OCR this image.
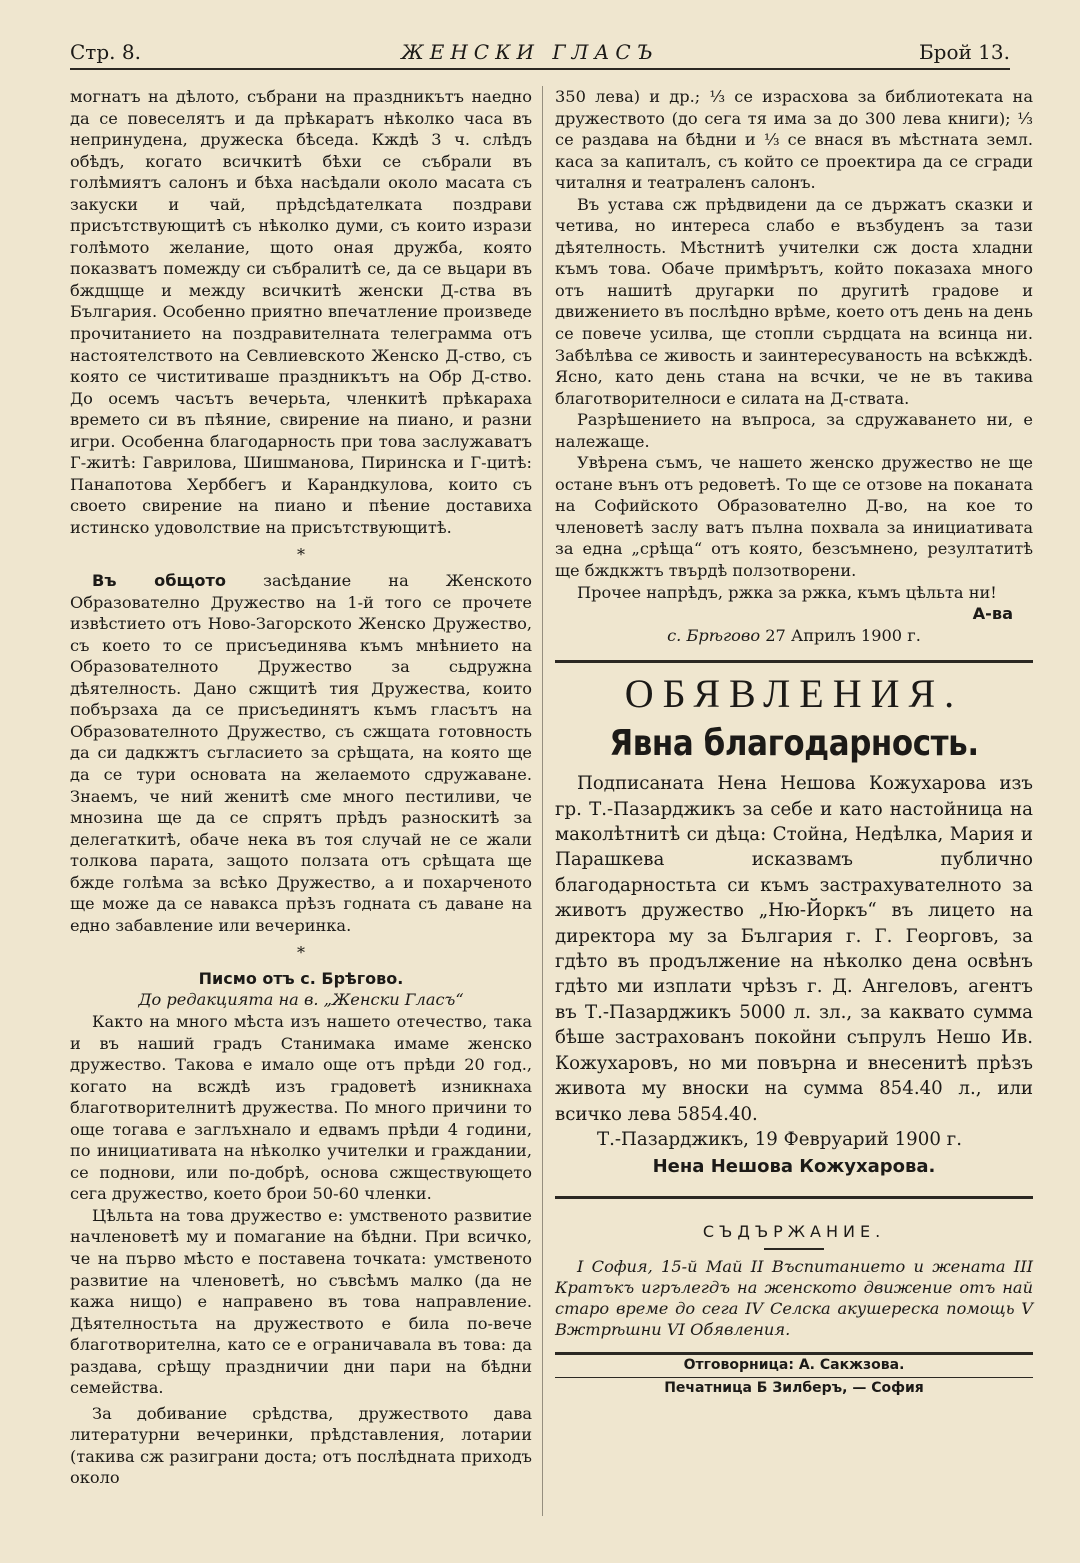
Стр. 8.	ЖЕНСКИ ГЛАСЪ	Брой 13.

могнатъ на дѣлото, събрани на праздникътъ наедно да се повеселятъ и да прѣкаратъ нѣколко часа въ непринудена, дружеска бѣседа. Кждѣ 3 ч. слѣдъ обѣдъ, когато всичкитѣ бѣхи се събрали въ голѣмиятъ салонъ и бѣха насѣдали около масата съ закуски и чай, прѣдсѣдателката поздрави присътствующитѣ съ нѣколко думи, съ които изрази голѣмото желание, щото оная дружба, която показватъ помежду си събралитѣ се, да се вьцари въ бждщще и между всичкитѣ женски Д-ства въ България. Особенно приятно впечатление произведе прочитанието на поздравителната телеграмма отъ настоятелството на Севлиевското Женско Д-ство, съ която се чиститиваше праздникътъ на Обр Д-ство. До осемъ часътъ вечерьта, членкитѣ прѣкараха времето си въ пѣяние, свирение на пиано, и разни игри. Особенна благодарность при това заслужаватъ Г-житѣ: Гаврилова, Шишманова, Пиринска и Г-цитѣ: Панапотова Херббегъ и Карандкулова, които съ своето свирение на пиано и пѣение доставиха истинско удоволствие на присътствующитѣ.

*

Въ общото засѣдание на Женското Образователно Дружество на 1-й того се прочете извѣстието отъ Ново-Загорското Женско Дружество, съ което то се присъединява къмъ мнѣнието на Образователното Дружество за сьдружна дѣятелность. Дано сжщитѣ тия Дружества, които побързаха да се присъединятъ къмъ гласътъ на Образователното Дружество, съ сжщата готовность да си дадкжтъ съгласието за срѣщата, на която ще да се тури основата на желаемото сдружаване. Знаемъ, че ний женитѣ сме много пестиливи, че мнозина ще да се спрятъ прѣдъ разноскитѣ за делегаткитѣ, обаче нека въ тоя случай не се жали толкова парата, защото ползата отъ срѣщата ще бжде голѣма за всѣко Дружество, а и похарченото ще може да се навакса прѣзъ годната съ даване на едно забавление или вечеринка.

*

Писмо отъ с. Брѣгово.

До редакцията на в. „Женски Гласъ“

Както на много мѣста изъ нашето отечество, така и въ наший градъ Станимака имаме женско дружество. Такова е имало още отъ прѣди 20 год., когато на всждѣ изъ градоветѣ изникнаха благотворителнитѣ дружества. По много причини то още тогава е заглъхнало и едвамъ прѣди 4 години, по инициативата на нѣколко учителки и граждании, се поднови, или по-добрѣ, основа сжществующето сега дружество, което брои 50-60 членки.

Цѣльта на това дружество е: умственото развитие начленоветѣ му и помагание на бѣдни. При всичко, че на първо мѣсто е поставена точката: умственото развитие на членоветѣ, но съвсѣмъ малко (да не кажа нищо) е направено въ това направление. Дѣятелностьта на дружеството е била по-вече благотворителна, като се е ограничавала въ това: да раздава, срѣщу праздничии дни пари на бѣдни семейства.

За добивание срѣдства, дружеството дава литературни вечеринки, прѣдставления, лотарии (такива сж разиграни доста; отъ послѣдната приходъ около

350 лева) и др.; ⅓ се израсхова за библиотеката на дружеството (до сега тя има за до 300 лева книги); ⅓ се раздава на бѣдни и ⅓ се внася въ мѣстната земл. каса за капиталъ, съ който се проектира да се сгради читалня и театраленъ салонъ.

Въ устава сж прѣдвидени да се държатъ сказки и четива, но интереса слабо е възбуденъ за тази дѣятелность. Мѣстнитѣ учителки сж доста хладни къмъ това. Обаче примѣрътъ, който показаха много отъ нашитѣ другарки по другитѣ градове и движението въ послѣдно врѣме, което отъ день на день се повече усилва, ще стопли сърдцата на всинца ни. Забѣлѣва се живость и заинтересуваность на всѣкждѣ. Ясно, като день стана на всчки, че не въ такива благотворителноси е силата на Д-ствата.

Разрѣшението на въпроса, за сдружаването ни, е належаще.

Увѣрена съмъ, че нашето женско дружество не ще остане вънъ отъ редоветѣ. То ще се отзове на поканата на Софийското Образователно Д-во, на кое то членоветѣ заслу ватъ пълна похвала за инициативата за една „срѣща“ отъ която, безсъмнено, резултатитѣ ще бждкжтъ твърдѣ ползотворени.

Прочее напрѣдъ, ржка за ржка, къмъ цѣльта ни!

А-ва

с. Брѣгово 27 Априлъ 1900 г.

ОБЯВЛЕНИЯ.
Явна благодарность.

Подписаната Нена Нешова Кожухарова изъ гр. Т.-Пазарджикъ за себе и като настойница на маколѣтнитѣ си дѣца: Стойна, Недѣлка, Мария и Парашкева исказвамъ публично благодарностьта си къмъ застрахувателното за животъ дружество „Ню-Йоркъ“ въ лицето на директора му за България г. Г. Георговъ, за гдѣто въ продължение на нѣколко дена освѣнъ гдѣто ми изплати чрѣзъ г. Д. Ангеловъ, агентъ въ Т.-Пазарджикъ 5000 л. зл., за каквато сумма бѣше застрахованъ покойни съпрулъ Нешо Ив. Кожухаровъ, но ми повърна и внесенитѣ прѣзъ живота му вноски на сумма 854.40 л., или всичко лева 5854.40.

Т.-Пазарджикъ, 19 Февруарий 1900 г.

Нена Нешова Кожухарова.

СЪДЪРЖАНИЕ.

I София, 15-й Май II Въспитанието и жената III Кратъкъ игрълегдъ на женското движение отъ най старо време до сега IV Селска акушереска помощь V Вжтрѣшни VI Обявления.

Отговорница: А. Сакжзова.

Печатница Б Зилберъ, — София
